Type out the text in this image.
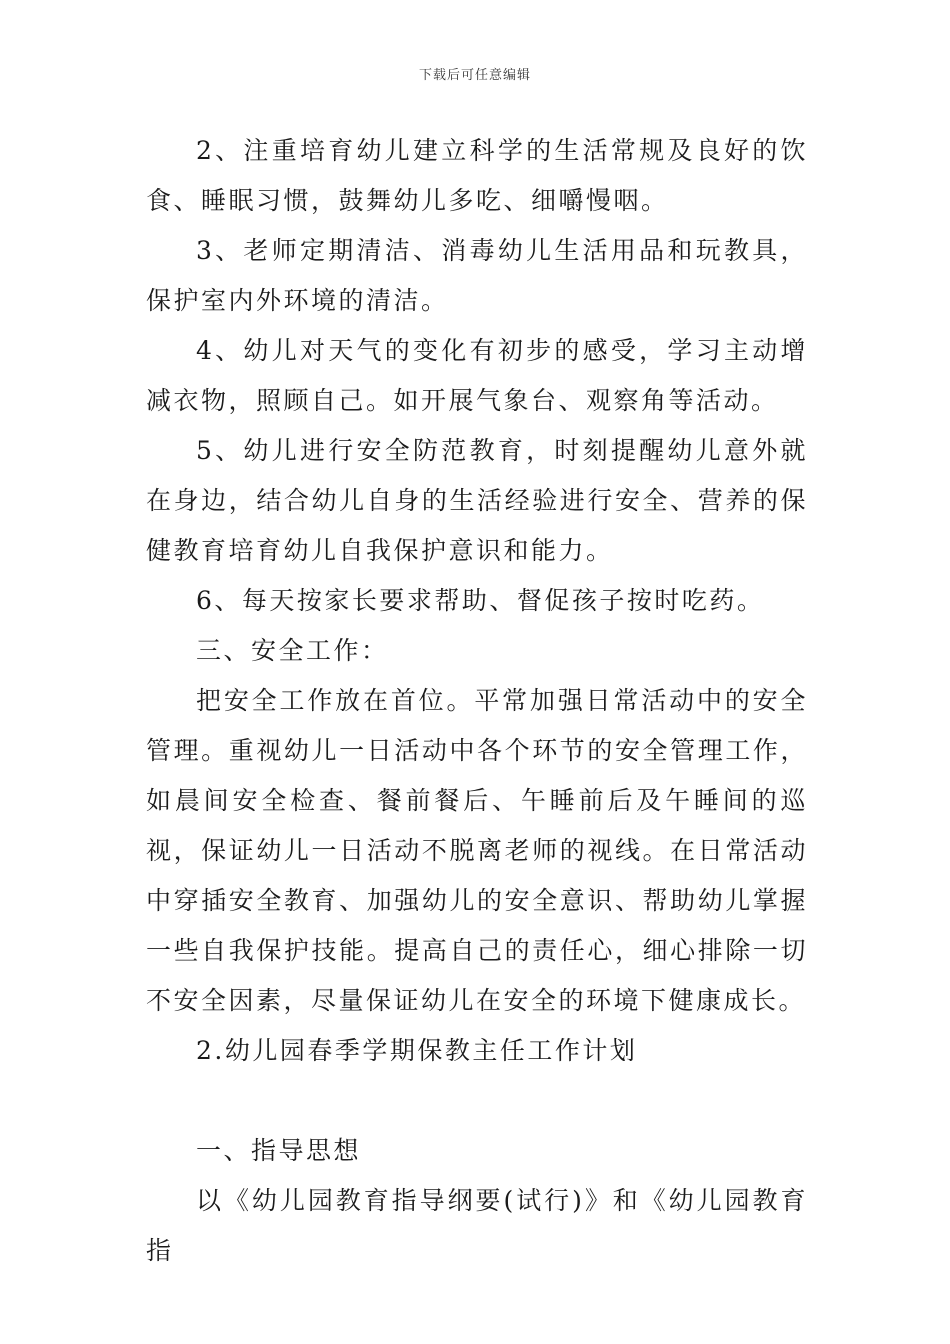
下载后可任意编辑

2、注重培育幼儿建立科学的生活常规及良好的饮食、睡眠习惯，鼓舞幼儿多吃、细嚼慢咽。

3、老师定期清洁、消毒幼儿生活用品和玩教具，保护室内外环境的清洁。

4、幼儿对天气的变化有初步的感受，学习主动增减衣物，照顾自己。如开展气象台、观察角等活动。

5、幼儿进行安全防范教育，时刻提醒幼儿意外就在身边，结合幼儿自身的生活经验进行安全、营养的保健教育培育幼儿自我保护意识和能力。

6、每天按家长要求帮助、督促孩子按时吃药。

三、安全工作：

把安全工作放在首位。平常加强日常活动中的安全管理。重视幼儿一日活动中各个环节的安全管理工作，如晨间安全检查、餐前餐后、午睡前后及午睡间的巡视，保证幼儿一日活动不脱离老师的视线。在日常活动中穿插安全教育、加强幼儿的安全意识、帮助幼儿掌握一些自我保护技能。提高自己的责任心，细心排除一切不安全因素，尽量保证幼儿在安全的环境下健康成长。

2.幼儿园春季学期保教主任工作计划

一、指导思想

以《幼儿园教育指导纲要(试行)》和《幼儿园教育指
